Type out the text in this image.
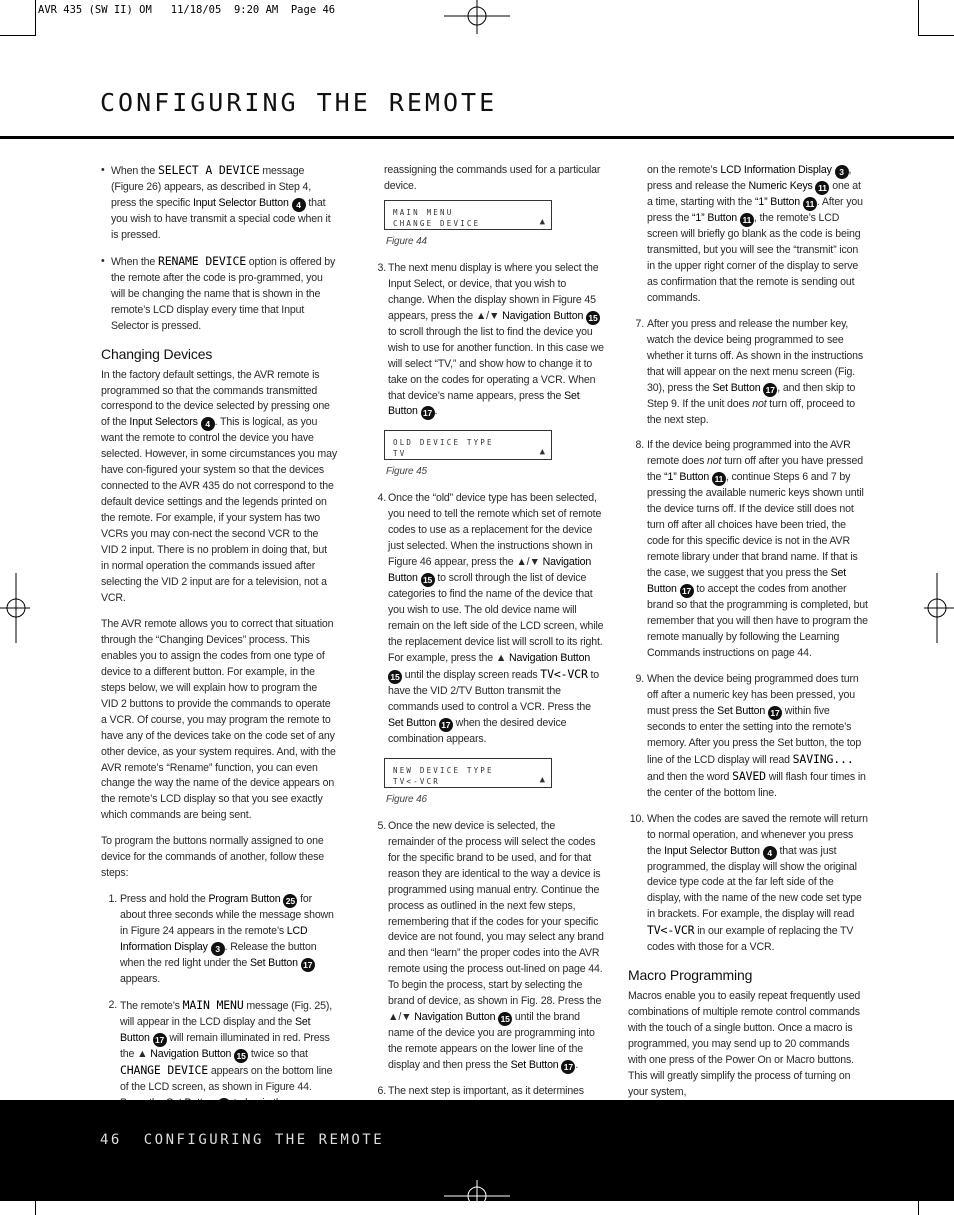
AVR 435 (SW II) OM   11/18/05  9:20 AM  Page 46
CONFIGURING THE REMOTE

• When the SELECT A DEVICE message (Figure 26) appears, as described in Step 4, press the specific Input Selector Button 4 that you wish to have transmit a special code when it is pressed.

• When the RENAME DEVICE option is offered by the remote after the code is pro-grammed, you will be changing the name that is shown in the remote’s LCD display every time that Input Selector is pressed.

Changing Devices

In the factory default settings, the AVR remote is programmed so that the commands transmitted correspond to the device selected by pressing one of the Input Selectors 4 . This is logical, as you want the remote to control the device you have selected. However, in some circumstances you may have con-figured your system so that the devices connected to the AVR 435 do not correspond to the default device settings and the legends printed on the remote. For example, if your system has two VCRs you may con-nect the second VCR to the VID 2 input. There is no problem in doing that, but in normal operation the commands issued after selecting the VID 2 input are for a television, not a VCR.

The AVR remote allows you to correct that situation through the “Changing Devices” process. This enables you to assign the codes from one type of device to a different button. For example, in the steps below, we will explain how to program the VID 2 buttons to provide the commands to operate a VCR. Of course, you may program the remote to have any of the devices take on the code set of any other device, as your system requires. And, with the AVR remote’s “Rename” function, you can even change the way the name of the device appears on the remote’s LCD display so that you see exactly which commands are being sent.

To program the buttons normally assigned to one device for the commands of another, follow these steps:

1. Press and hold the Program Button 25 for about three seconds while the message shown in Figure 24 appears in the remote’s LCD Information Display 3 . Release the button when the red light under the Set Button 17 appears.

2. The remote’s MAIN MENU message (Fig. 25), will appear in the LCD display and the Set Button 17 will remain illuminated in red. Press the ▲ Navigation Button 15 twice so that CHANGE DEVICE appears on the bottom line of the LCD screen, as shown in Figure 44.

reassigning the commands used for a particular device.

MAIN MENU
CHANGE DEVICE	▲
Figure 44

3. The next menu display is where you select the Input Select, or device, that you wish to change. When the display shown in Figure 45 appears, press the ▲/▼ Navigation Button 15 to scroll through the list to find the device you wish to use for another function. In this case we will select “TV,” and show how to change it to take on the codes for operating a VCR. When that device’s name appears, press the Set Button 17 .

OLD DEVICE TYPE
TV	▲
Figure 45

4. Once the “old” device type has been selected, you need to tell the remote which set of remote codes to use as a replacement for the device just selected. When the instructions shown in Figure 46 appear, press the ▲/▼ Navigation Button 15 to scroll through the list of device categories to find the name of the device that you wish to use. The old device name will remain on the left side of the LCD screen, while the replacement device list will scroll to its right. For example, press the ▲ Navigation Button 15 until the display screen reads TV<-VCR to have the VID 2/TV Button transmit the commands used to control a VCR. Press the Set Button 17 when the desired device combination appears.

NEW DEVICE TYPE
TV<-VCR	▲
Figure 46

5. Once the new device is selected, the remainder of the process will select the codes for the specific brand to be used, and for that reason they are identical to the way a device is programmed using manual entry. Continue the process as outlined in the next few steps, remembering that if the codes for your specific device are not found, you may select any brand and then “learn” the proper codes into the AVR remote using the process out-lined on page 44. To begin the process, start by selecting the brand of device, as shown in Fig. 28. Press the ▲/▼ Navigation Button 15 until the brand name of the device you are programming into the remote appears on the lower line of the display and then press the Set Button 17 .

6. The next step is important, as it determines

on the remote’s LCD Information Display 3 , press and release the Numeric Keys 11 one at a time, starting with the “1” Button 11 . After you press the “1” Button 11 , the remote’s LCD screen will briefly go blank as the code is being transmitted, but you will see the “transmit” icon in the upper right corner of the display to serve as confirmation that the remote is sending out commands.

7. After you press and release the number key, watch the device being programmed to see whether it turns off. As shown in the instructions that will appear on the next menu screen (Fig. 30), press the Set Button 17 , and then skip to Step 9. If the unit does not turn off, proceed to the next step.

8. If the device being programmed into the AVR remote does not turn off after you have pressed the “1” Button 11 , continue Steps 6 and 7 by pressing the available numeric keys shown until the device turns off. If the device still does not turn off after all choices have been tried, the code for this specific device is not in the AVR remote library under that brand name. If that is the case, we suggest that you press the Set Button 17 to accept the codes from another brand so that the programming is completed, but remember that you will then have to program the remote manually by following the Learning Commands instructions on page 44.

9. When the device being programmed does turn off after a numeric key has been pressed, you must press the Set Button 17 within five seconds to enter the setting into the remote’s memory. After you press the Set button, the top line of the LCD display will read SAVING... and then the word SAVED will flash four times in the center of the bottom line.

10. When the codes are saved the remote will return to normal operation, and whenever you press the Input Selector Button 4 that was just programmed, the display will show the original device type code at the far left side of the display, with the name of the new code set type in brackets. For example, the display will read TV<-VCR in our example of replacing the TV codes with those for a VCR.

Macro Programming

Macros enable you to easily repeat frequently used combinations of multiple remote control commands with the touch of a single button. Once a macro is programmed, you may send up to 20 commands with one press of the Power On or Macro buttons. This will greatly simplify the process of turning on your system,

46 CONFIGURING THE REMOTE
